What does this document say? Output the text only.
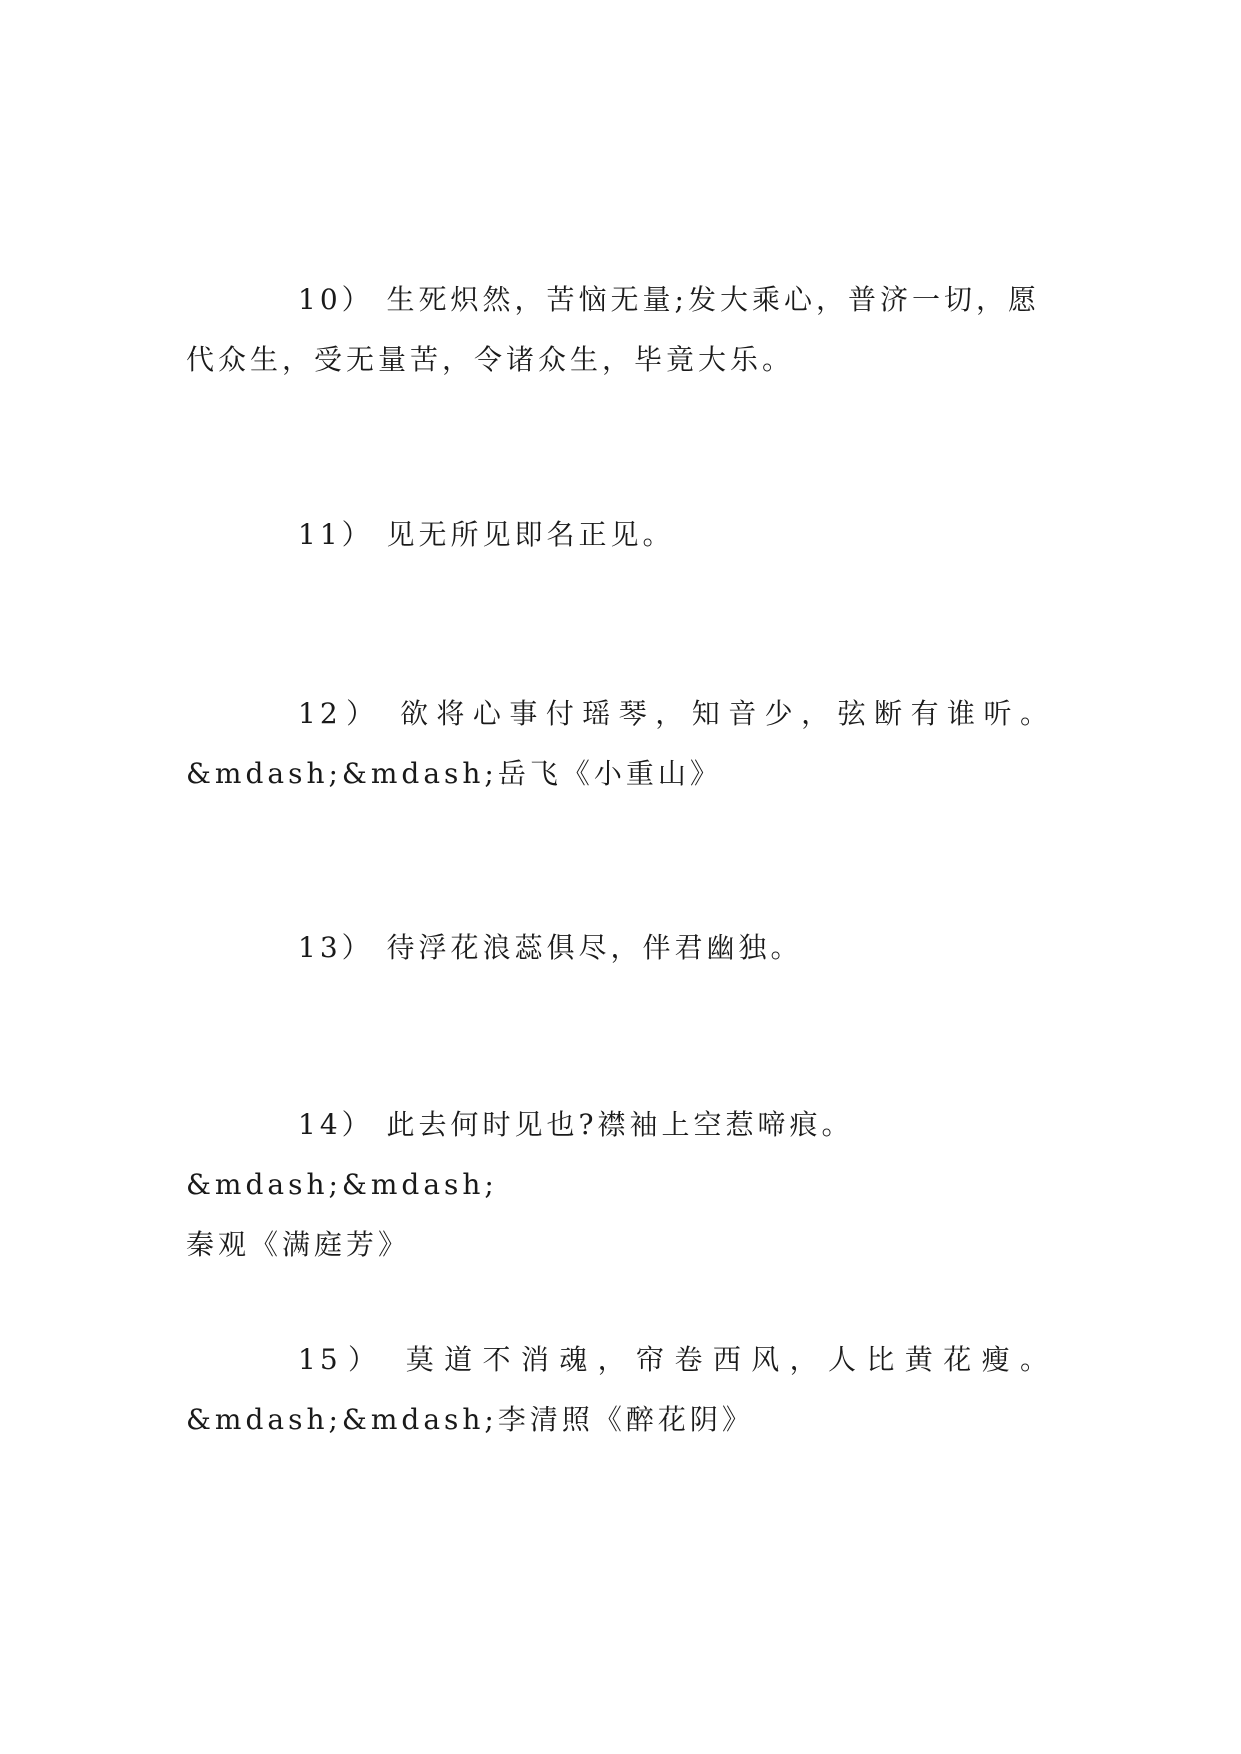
10） 生死炽然，苦恼无量;发大乘心，普济一切，愿
代众生，受无量苦，令诸众生，毕竟大乐。
11） 见无所见即名正见。
12） 欲将心事付瑶琴，知音少，弦断有谁听。
&mdash;&mdash;岳飞《小重山》
13） 待浮花浪蕊俱尽，伴君幽独。
14） 此去何时见也?襟袖上空惹啼痕。&mdash;&mdash;
秦观《满庭芳》
15） 莫道不消魂，帘卷西风，人比黄花瘦。
&mdash;&mdash;李清照《醉花阴》
